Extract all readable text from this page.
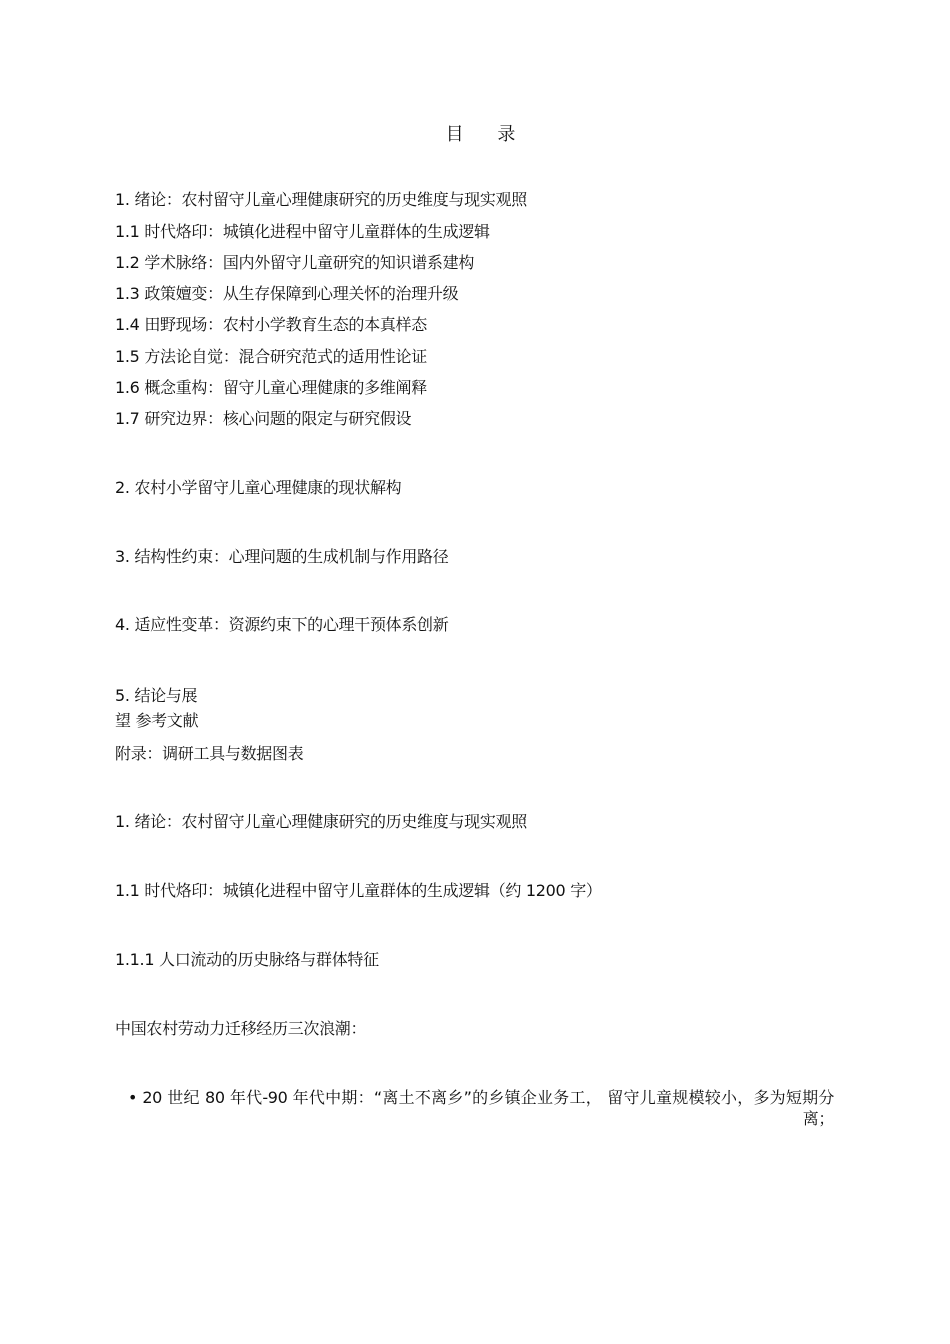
目 录
1. 绪论：农村留守儿童心理健康研究的历史维度与现实观照
1.1 时代烙印：城镇化进程中留守儿童群体的生成逻辑
1.2 学术脉络：国内外留守儿童研究的知识谱系建构
1.3 政策嬗变：从生存保障到心理关怀的治理升级
1.4 田野现场：农村小学教育生态的本真样态
1.5 方法论自觉：混合研究范式的适用性论证
1.6 概念重构：留守儿童心理健康的多维阐释
1.7 研究边界：核心问题的限定与研究假设
2. 农村小学留守儿童心理健康的现状解构
3. 结构性约束：心理问题的生成机制与作用路径
4. 适应性变革：资源约束下的心理干预体系创新
5. 结论与展
望 参考文献
附录：调研工具与数据图表
1. 绪论：农村留守儿童心理健康研究的历史维度与现实观照
1.1 时代烙印：城镇化进程中留守儿童群体的生成逻辑（约 1200 字）
1.1.1 人口流动的历史脉络与群体特征
中国农村劳动力迁移经历三次浪潮：
• 20 世纪 80 年代-90 年代中期：“离土不离乡”的乡镇企业务工， 留守儿童规模较小，多为短期分离；
